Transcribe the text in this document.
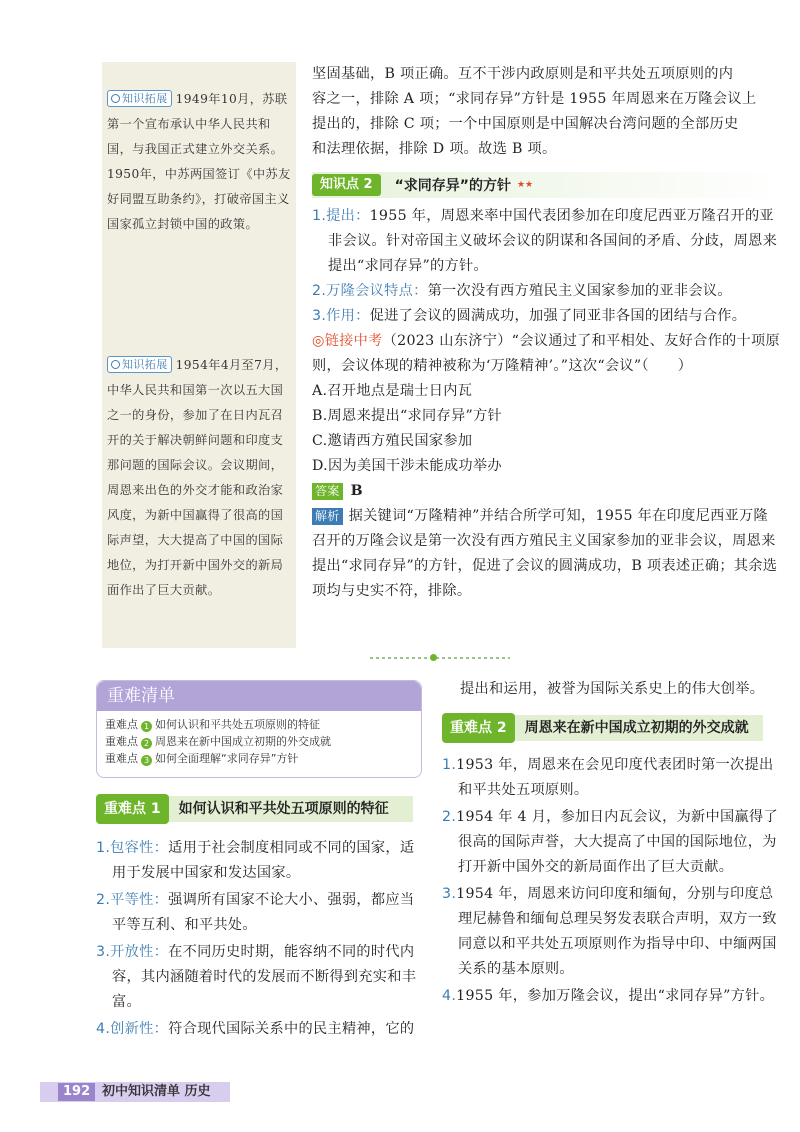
知识拓展 1949年10月，苏联第一个宣布承认中华人民共和国，与我国正式建立外交关系。1950年，中苏两国签订《中苏友好同盟互助条约》，打破帝国主义国家孤立封锁中国的政策。
知识拓展 1954年4月至7月，中华人民共和国第一次以五大国之一的身份，参加了在日内瓦召开的关于解决朝鲜问题和印度支那问题的国际会议。会议期间，周恩来出色的外交才能和政治家风度，为新中国赢得了很高的国际声望，大大提高了中国的国际地位，为打开新中国外交的新局面作出了巨大贡献。
坚固基础，B 项正确。互不干涉内政原则是和平共处五项原则的内
容之一，排除 A 项；“求同存异”方针是 1955 年周恩来在万隆会议上
提出的，排除 C 项；一个中国原则是中国解决台湾问题的全部历史
和法理依据，排除 D 项。故选 B 项。
知识点 2	“求同存异”的方针 ★★
1.提出：1955 年，周恩来率中国代表团参加在印度尼西亚万隆召开的亚非会议。针对帝国主义破坏会议的阴谋和各国间的矛盾、分歧，周恩来提出“求同存异”的方针。
2.万隆会议特点：第一次没有西方殖民主义国家参加的亚非会议。
3.作用：促进了会议的圆满成功，加强了同亚非各国的团结与合作。
◎链接中考（2023 山东济宁）“会议通过了和平相处、友好合作的十项原则，会议体现的精神被称为‘万隆精神’。”这次“会议”（　　）
A.召开地点是瑞士日内瓦
B.周恩来提出“求同存异”方针
C.邀请西方殖民国家参加
D.因为美国干涉未能成功举办
答案 B
解析 据关键词“万隆精神”并结合所学可知，1955 年在印度尼西亚万隆召开的万隆会议是第一次没有西方殖民主义国家参加的亚非会议，周恩来提出“求同存异”的方针，促进了会议的圆满成功，B 项表述正确；其余选项均与史实不符，排除。
重难清单
重难点 1 如何认识和平共处五项原则的特征
重难点 2 周恩来在新中国成立初期的外交成就
重难点 3 如何全面理解“求同存异”方针
重难点 1	如何认识和平共处五项原则的特征
1.包容性：适用于社会制度相同或不同的国家，适用于发展中国家和发达国家。
2.平等性：强调所有国家不论大小、强弱，都应当平等互利、和平共处。
3.开放性：在不同历史时期，能容纳不同的时代内容，其内涵随着时代的发展而不断得到充实和丰富。
4.创新性：符合现代国际关系中的民主精神，它的
提出和运用，被誉为国际关系史上的伟大创举。
重难点 2	周恩来在新中国成立初期的外交成就
1.1953 年，周恩来在会见印度代表团时第一次提出和平共处五项原则。
2.1954 年 4 月，参加日内瓦会议，为新中国赢得了很高的国际声誉，大大提高了中国的国际地位，为打开新中国外交的新局面作出了巨大贡献。
3.1954 年，周恩来访问印度和缅甸，分别与印度总理尼赫鲁和缅甸总理吴努发表联合声明，双方一致同意以和平共处五项原则作为指导中印、中缅两国关系的基本原则。
4.1955 年，参加万隆会议，提出“求同存异”方针。
192 初中知识清单 历史
